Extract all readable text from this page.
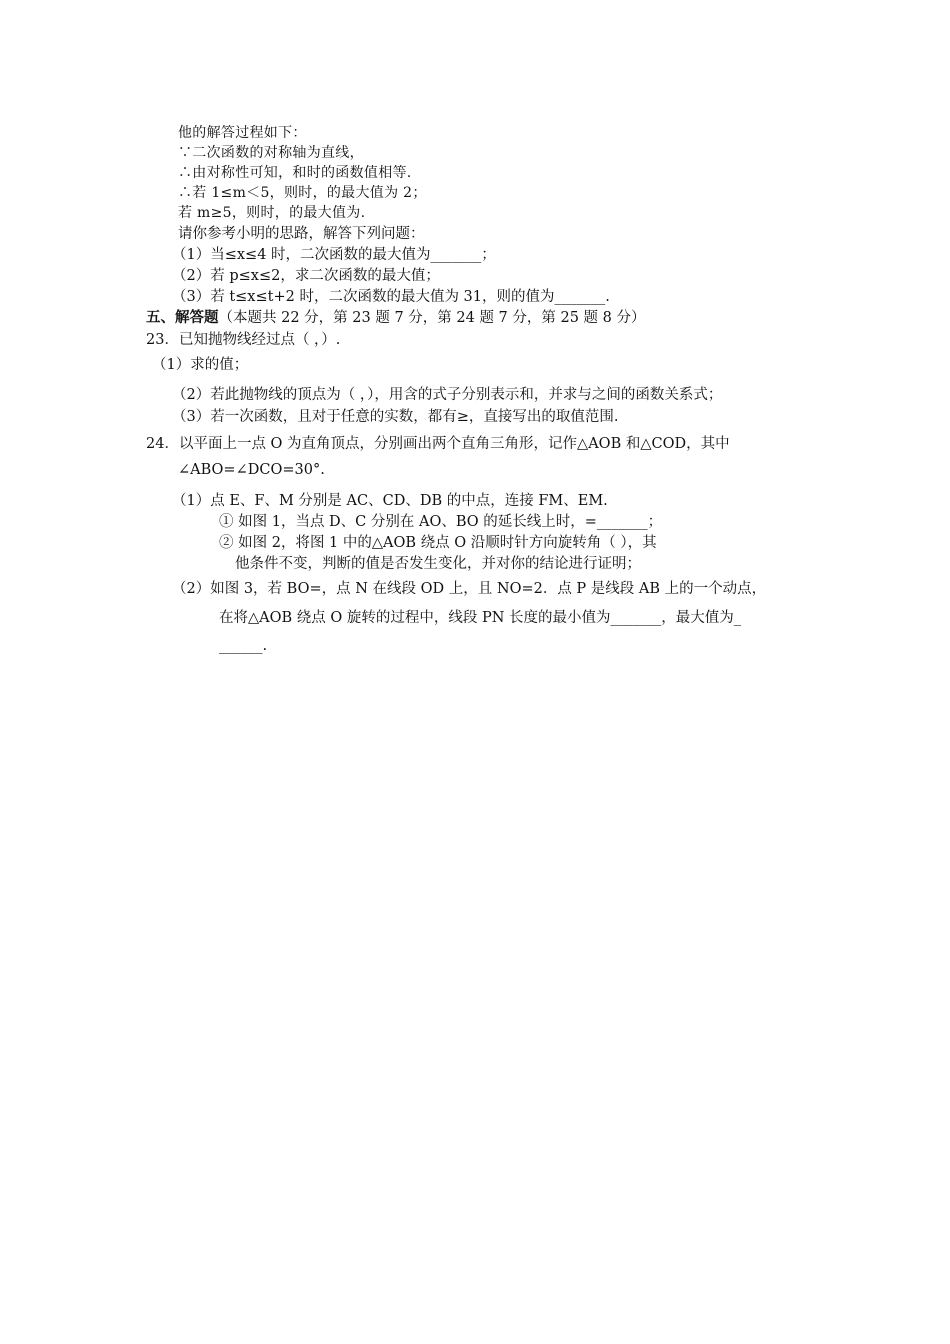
他的解答过程如下：
∵二次函数的对称轴为直线，
∴由对称性可知，和时的函数值相等.
∴若 1≤m＜5，则时，的最大值为 2；
若 m≥5，则时，的最大值为.
请你参考小明的思路，解答下列问题：
（1）当≤x≤4 时，二次函数的最大值为_______；
（2）若 p≤x≤2，求二次函数的最大值；
（3）若 t≤x≤t+2 时，二次函数的最大值为 31，则的值为_______.
五、解答题（本题共 22 分，第 23 题 7 分，第 24 题 7 分，第 25 题 8 分）
23．已知抛物线经过点（ ，）.
（1）求的值；
（2）若此抛物线的顶点为（ ，），用含的式子分别表示和，并求与之间的函数关系式；
（3）若一次函数，且对于任意的实数，都有≥，直接写出的取值范围.
24．以平面上一点 O 为直角顶点，分别画出两个直角三角形，记作△AOB 和△COD，其中
∠ABO=∠DCO=30°.
（1）点 E、F、M 分别是 AC、CD、DB 的中点，连接 FM、EM.
① 如图 1，当点 D、C 分别在 AO、BO 的延长线上时，=_______；
② 如图 2，将图 1 中的△AOB 绕点 O 沿顺时针方向旋转角（ ），其
他条件不变，判断的值是否发生变化，并对你的结论进行证明；
（2）如图 3，若 BO=，点 N 在线段 OD 上，且 NO=2．点 P 是线段 AB 上的一个动点，
在将△AOB 绕点 O 旋转的过程中，线段 PN 长度的最小值为_______，最大值为_
______.
